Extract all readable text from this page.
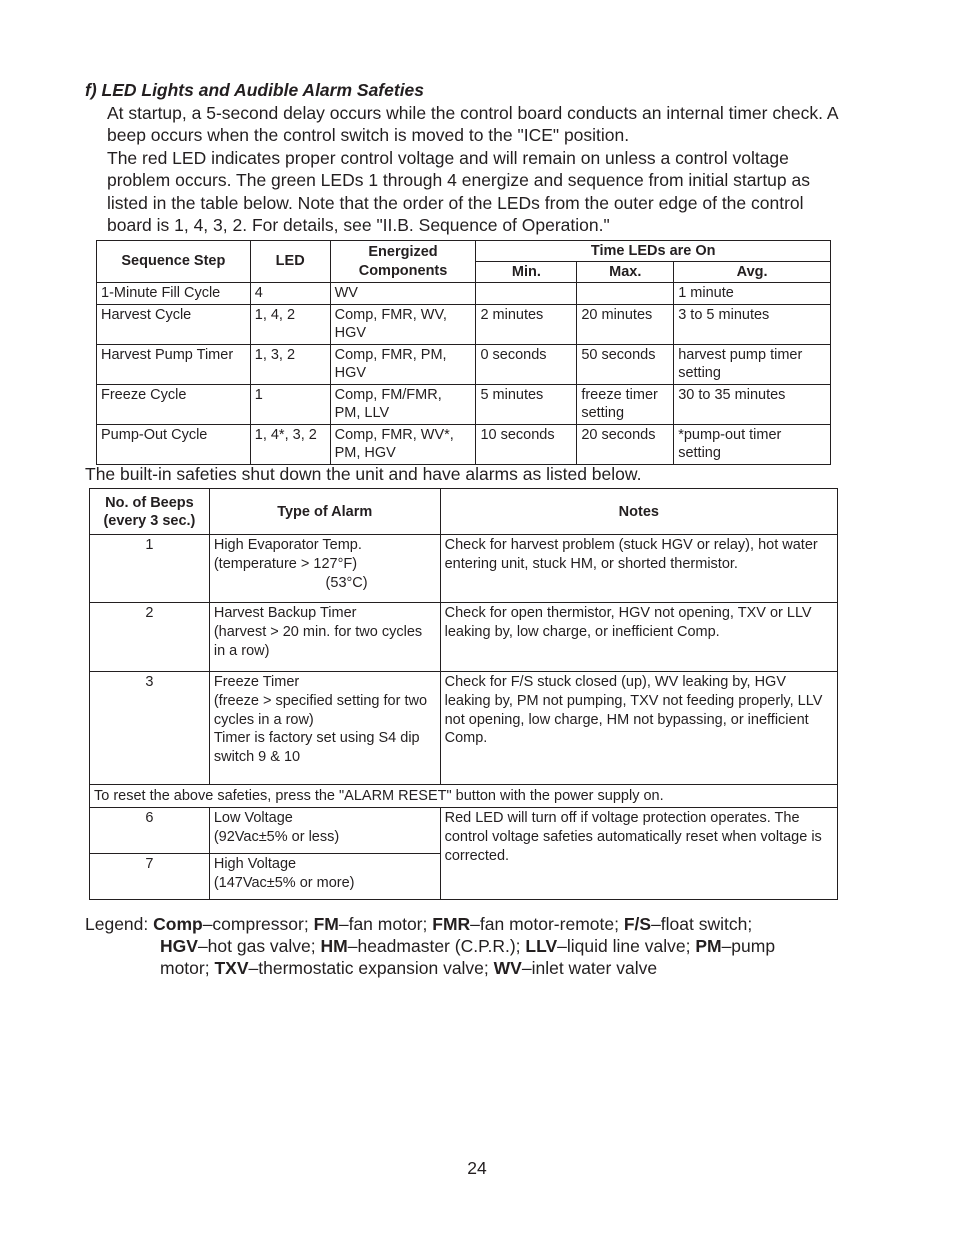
f) LED Lights and Audible Alarm Safeties

At startup, a 5-second delay occurs while the control board conducts an internal timer check. A beep occurs when the control switch is moved to the "ICE" position.

The red LED indicates proper control voltage and will remain on unless a control voltage problem occurs. The green LEDs 1 through 4 energize and sequence from initial startup as listed in the table below. Note that the order of the LEDs from the outer edge of the control board is 1, 4, 3, 2. For details, see "II.B. Sequence of Operation."

Sequence Step	LED	Energized Components	Time LEDs are On		
			Min.	Max.	Avg.
1-Minute Fill Cycle	4	WV			1 minute
Harvest Cycle	1, 4, 2	Comp, FMR, WV, HGV	2 minutes	20 minutes	3 to 5 minutes
Harvest Pump Timer	1, 3, 2	Comp, FMR, PM, HGV	0 seconds	50 seconds	harvest pump timer setting
Freeze Cycle	1	Comp, FM/FMR, PM, LLV	5 minutes	freeze timer setting	30 to 35 minutes
Pump-Out Cycle	1, 4*, 3, 2	Comp, FMR, WV*, PM, HGV	10 seconds	20 seconds	*pump-out timer setting
The built-in safeties shut down the unit and have alarms as listed below.
No. of Beeps (every 3 sec.)	Type of Alarm	Notes
1	High Evaporator Temp.
(temperature > 127°F)
(53°C)	Check for harvest problem (stuck HGV or relay), hot water entering unit, stuck HM, or shorted thermistor.
2	Harvest Backup Timer
(harvest > 20 min. for two cycles in a row)	Check for open thermistor, HGV not opening, TXV or LLV leaking by, low charge, or inefficient Comp.
3	Freeze Timer
(freeze > specified setting for two cycles in a row)
Timer is factory set using S4 dip switch 9 & 10	Check for F/S stuck closed (up), WV leaking by, HGV leaking by, PM not pumping, TXV not feeding properly, LLV not opening, low charge, HM not bypassing, or inefficient Comp.
To reset the above safeties, press the "ALARM RESET" button with the power supply on.		
6	Low Voltage
(92Vac±5% or less)	Red LED will turn off if voltage protection operates. The control voltage safeties automatically reset when voltage is corrected.
7	High Voltage
(147Vac±5% or more)	
Legend: Comp–compressor; FM–fan motor; FMR–fan motor-remote; F/S–float switch;
HGV–hot gas valve; HM–headmaster (C.P.R.); LLV–liquid line valve; PM–pump motor; TXV–thermostatic expansion valve; WV–inlet water valve
24
